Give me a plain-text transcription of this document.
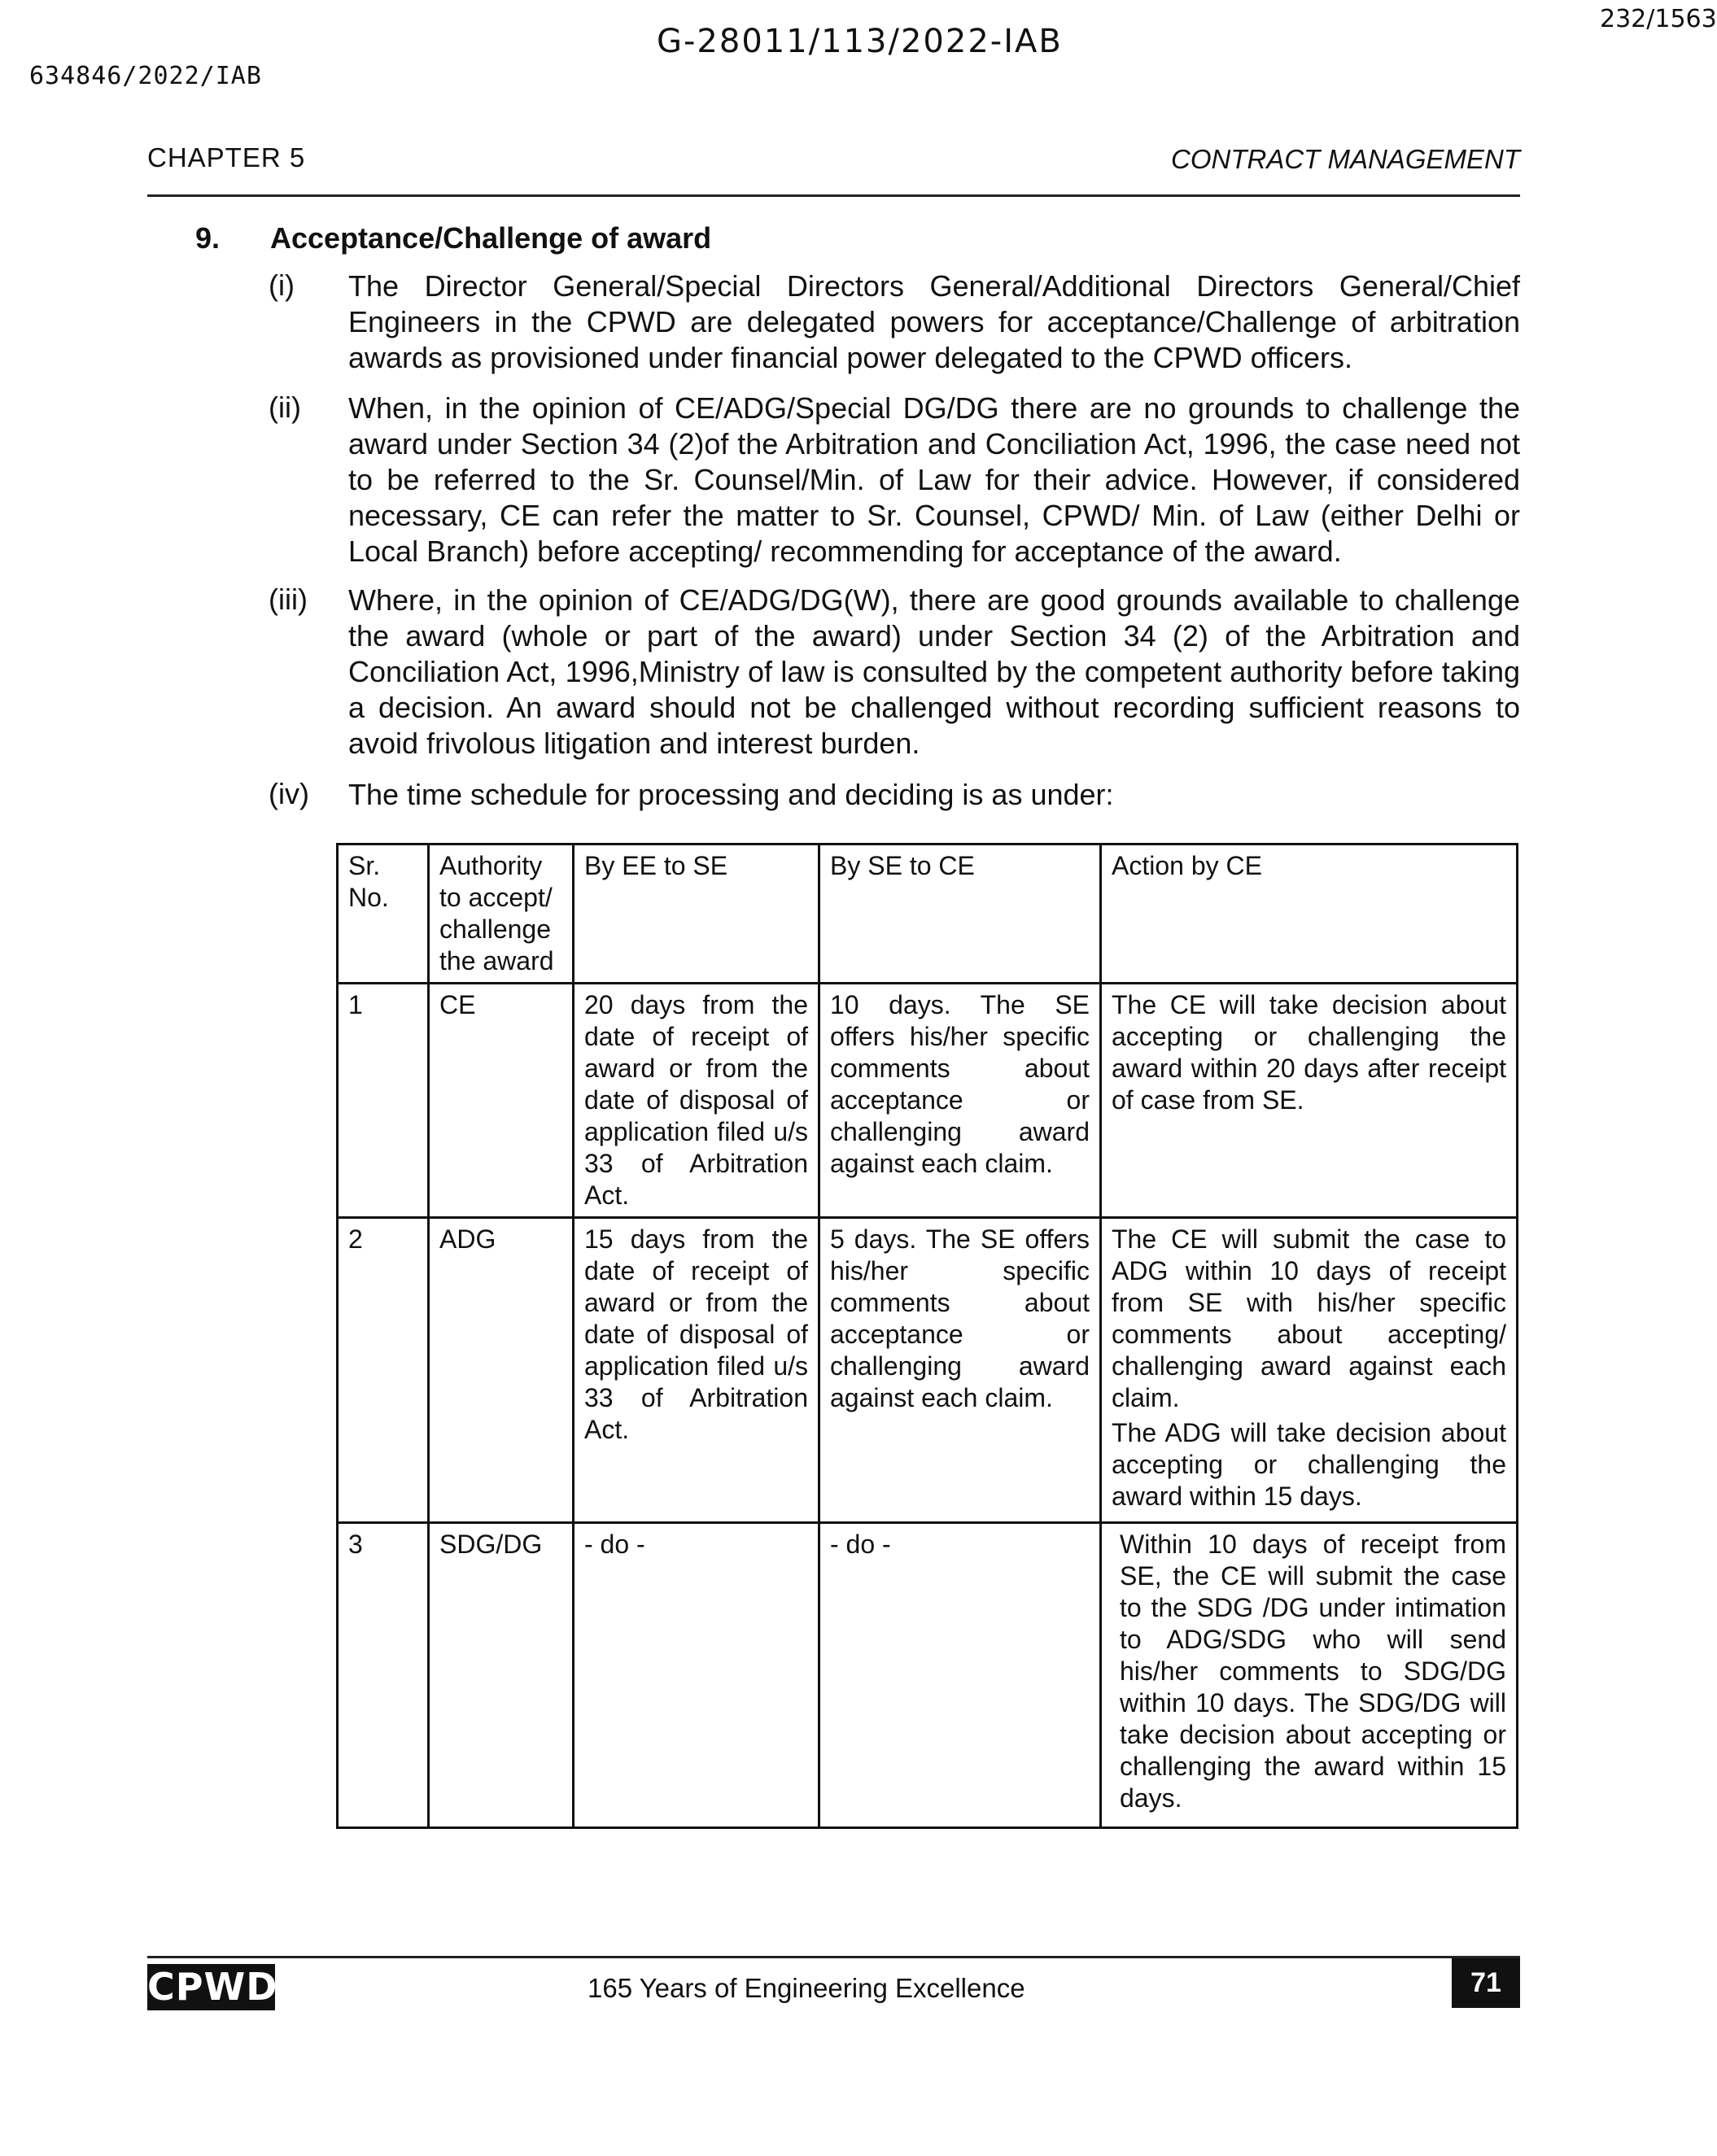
G-28011/113/2022-IAB
232/1563
634846/2022/IAB
CHAPTER 5	CONTRACT MANAGEMENT
9. Acceptance/Challenge of award
(i) The Director General/Special Directors General/Additional Directors General/Chief Engineers in the CPWD are delegated powers for acceptance/Challenge of arbitration awards as provisioned under financial power delegated to the CPWD officers.
(ii) When, in the opinion of CE/ADG/Special DG/DG there are no grounds to challenge the award under Section 34 (2)of the Arbitration and Conciliation Act, 1996, the case need not to be referred to the Sr. Counsel/Min. of Law for their advice. However, if considered necessary, CE can refer the matter to Sr. Counsel, CPWD/ Min. of Law (either Delhi or Local Branch) before accepting/ recommending for acceptance of the award.
(iii) Where, in the opinion of CE/ADG/DG(W), there are good grounds available to challenge the award (whole or part of the award) under Section 34 (2) of the Arbitration and Conciliation Act, 1996,Ministry of law is consulted by the competent authority before taking a decision. An award should not be challenged without recording sufficient reasons to avoid frivolous litigation and interest burden.
(iv) The time schedule for processing and deciding is as under:
Sr. No.	Authority to accept/ challenge the award	By EE to SE	By SE to CE	Action by CE
1	CE	20 days from the date of receipt of award or from the date of disposal of application filed u/s 33 of Arbitration Act.	10 days. The SE offers his/her specific comments about acceptance or challenging award against each claim.	The CE will take decision about accepting or challenging the award within 20 days after receipt of case from SE.
2	ADG	15 days from the date of receipt of award or from the date of disposal of application filed u/s 33 of Arbitration Act.	5 days. The SE offers his/her specific comments about acceptance or challenging award against each claim.	The CE will submit the case to ADG within 10 days of receipt from SE with his/her specific comments about accepting/ challenging award against each claim.
The ADG will take decision about accepting or challenging the award within 15 days.

3	SDG/DG	- do -	- do -	Within 10 days of receipt from SE, the CE will submit the case to the SDG /DG under intimation to ADG/SDG who will send his/her comments to SDG/DG within 10 days. The SDG/DG will take decision about accepting or challenging the award within 15 days.
CPWD	165 Years of Engineering Excellence	71
